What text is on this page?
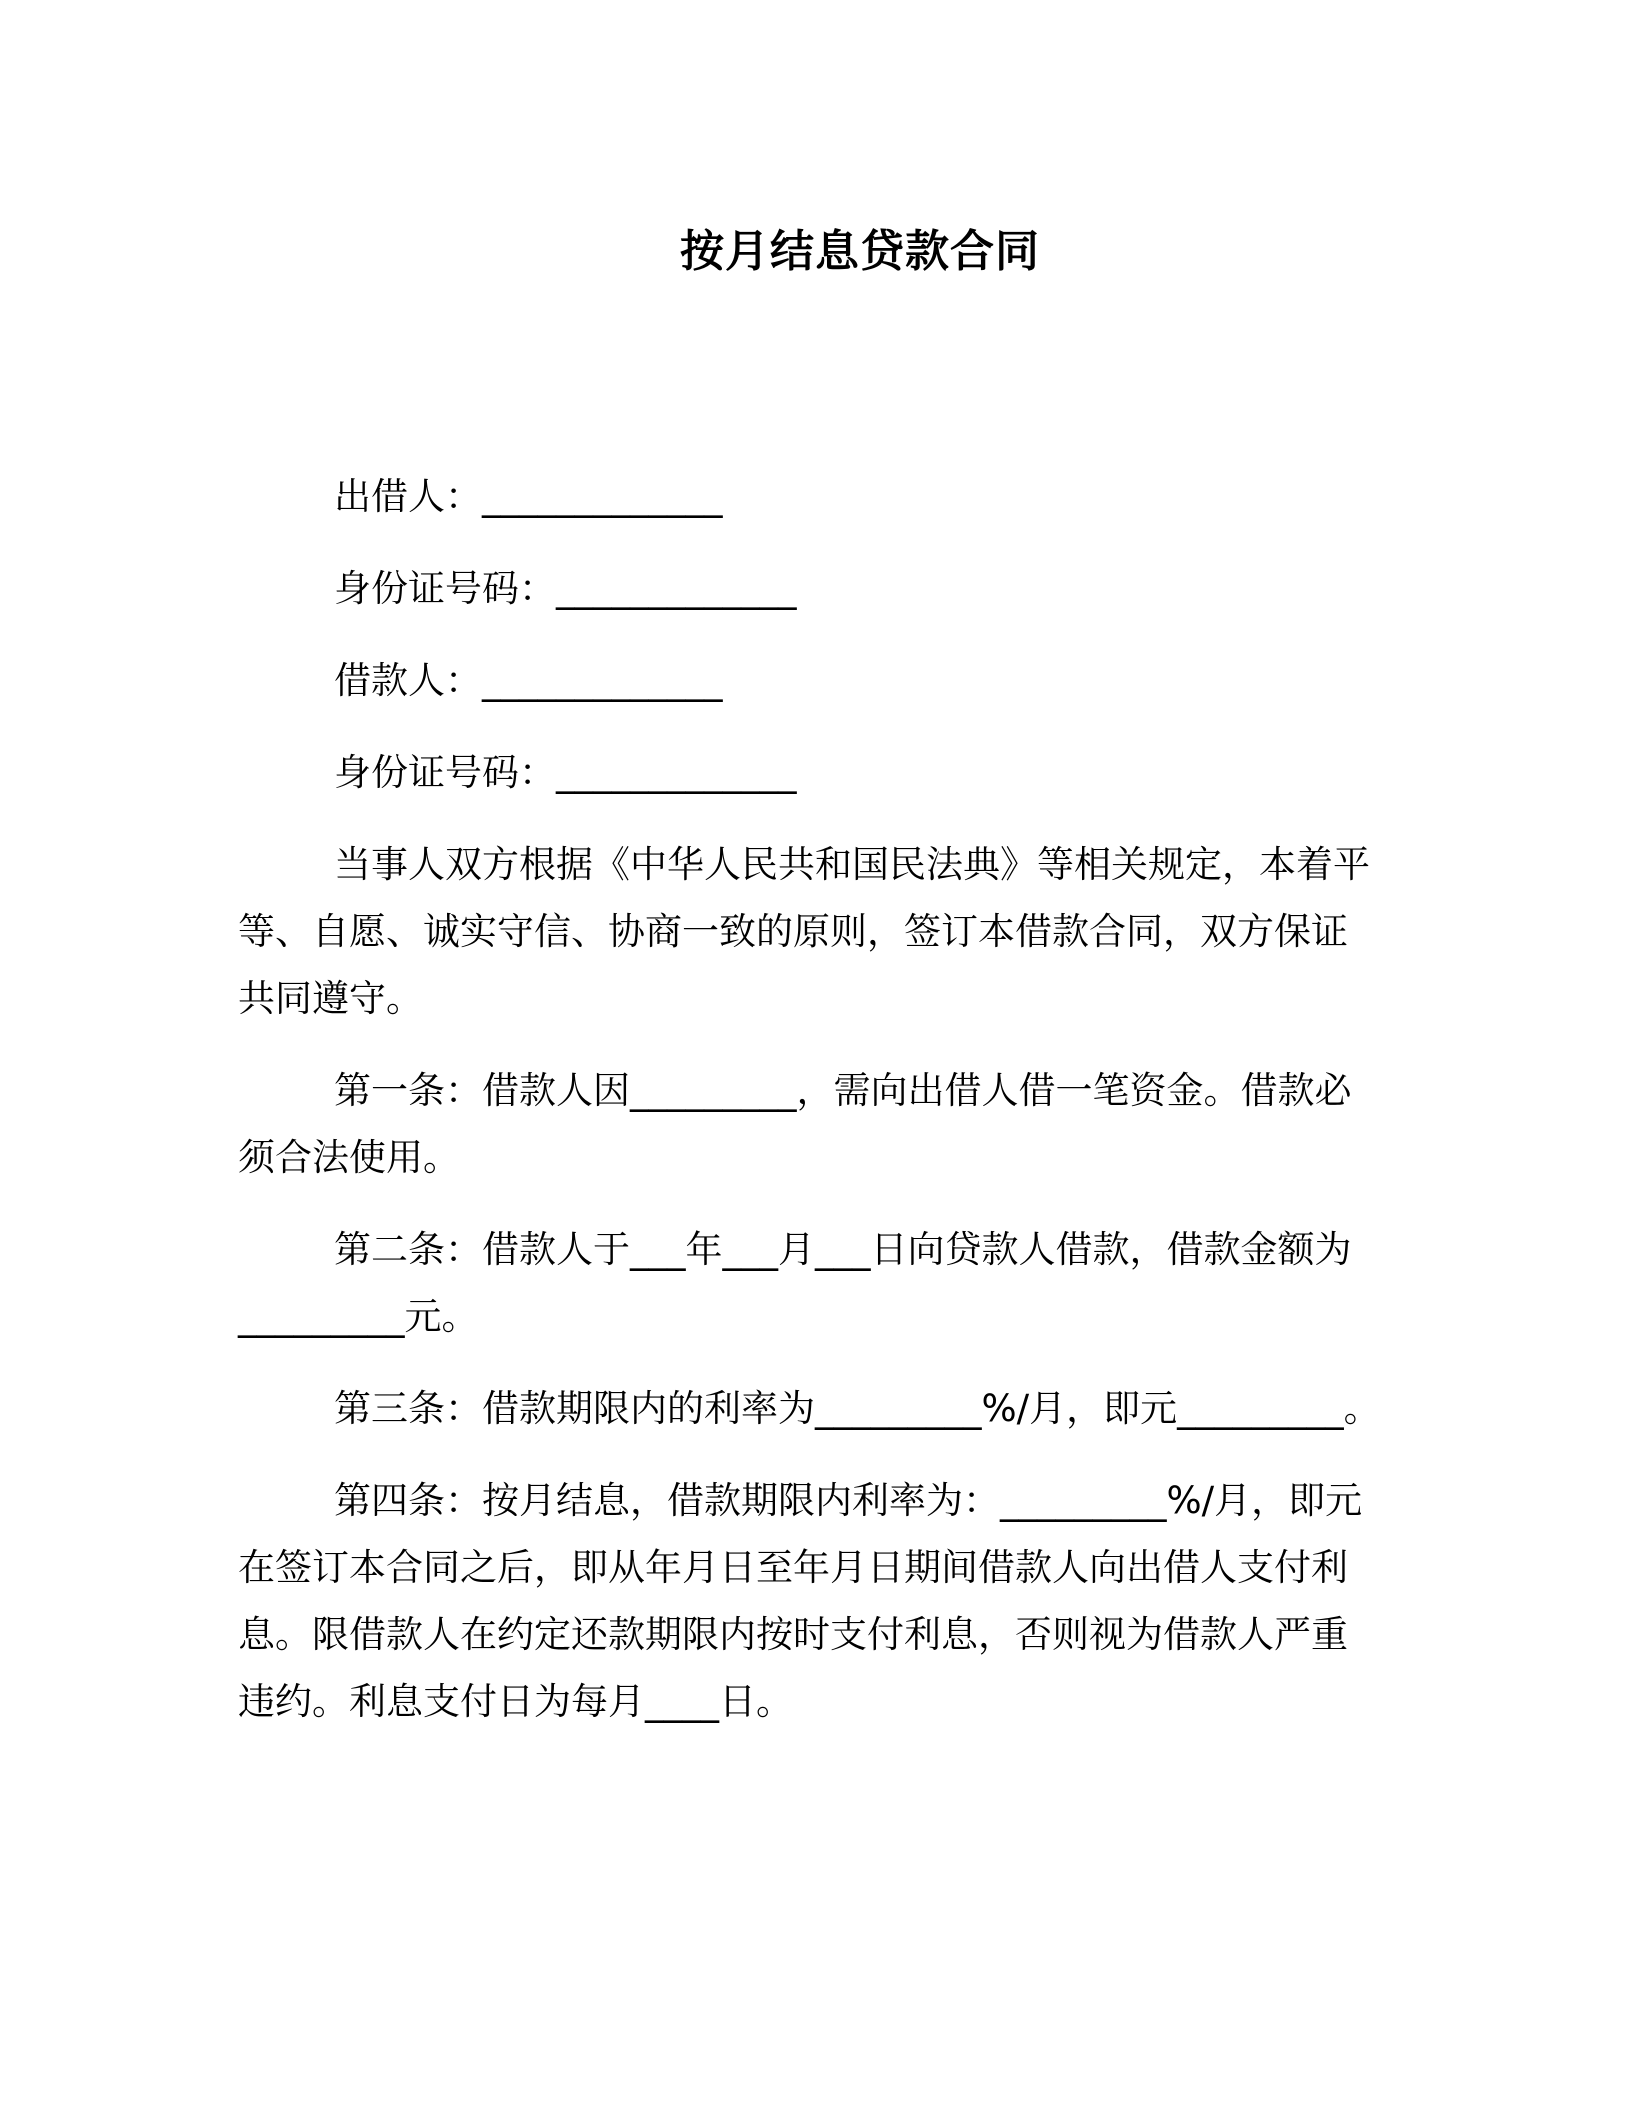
按月结息贷款合同
出借人：_____________
身份证号码：_____________
借款人：_____________
身份证号码：_____________
当事人双方根据《中华人民共和国民法典》等相关规定，本着平
等、自愿、诚实守信、协商一致的原则，签订本借款合同，双方保证
共同遵守。
第一条：借款人因_________，需向出借人借一笔资金。借款必
须合法使用。
第二条：借款人于___年___月___日向贷款人借款，借款金额为
_________元。
第三条：借款期限内的利率为_________%/月，即元_________。
第四条：按月结息，借款期限内利率为：_________%/月，即元
在签订本合同之后，即从年月日至年月日期间借款人向出借人支付利
息。限借款人在约定还款期限内按时支付利息，否则视为借款人严重
违约。利息支付日为每月____日。
